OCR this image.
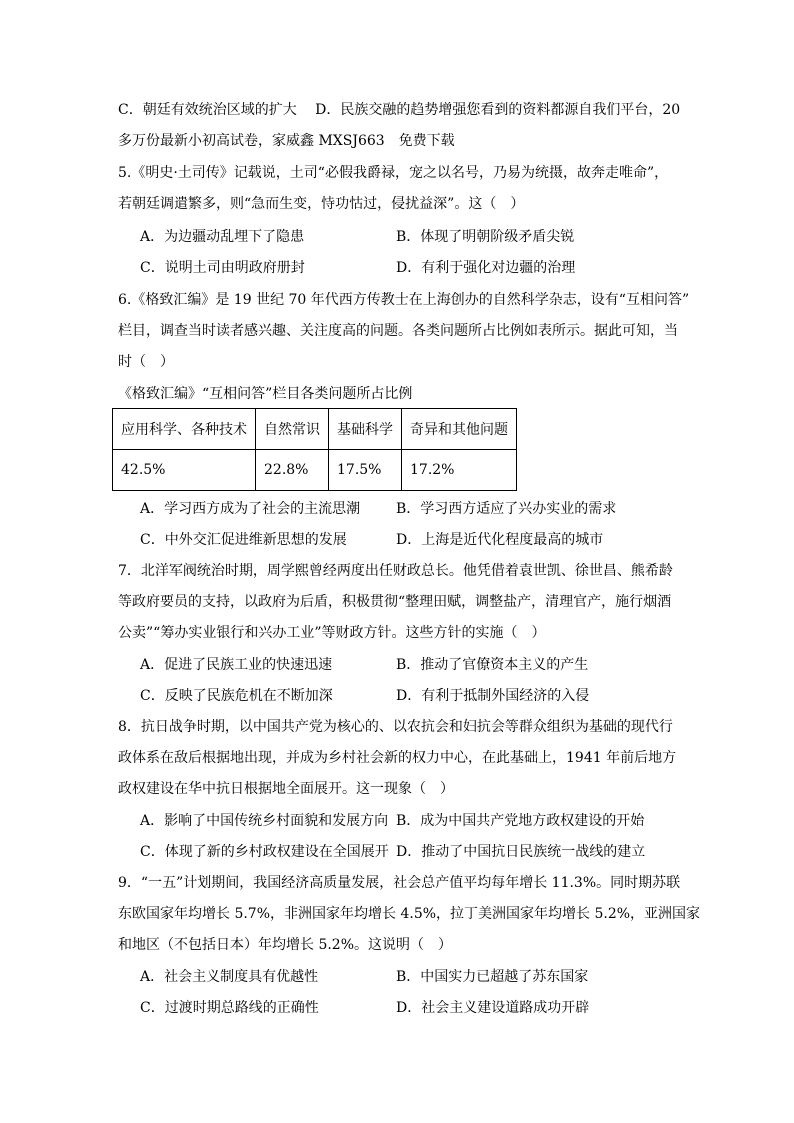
C．朝廷有效统治区域的扩大　 D．民族交融的趋势增强您看到的资料都源自我们平台，20
多万份最新小初高试卷，家威鑫 MXSJ663　免费下载
5.《明史·土司传》记载说，土司“必假我爵禄，宠之以名号，乃易为统摄，故奔走唯命”，
若朝廷调遣繁多，则“急而生变，恃功怙过，侵扰益深”。这（　）
A．为边疆动乱埋下了隐患	B．体现了明朝阶级矛盾尖锐
C．说明土司由明政府册封	D．有利于强化对边疆的治理
6.《格致汇编》是 19 世纪 70 年代西方传教士在上海创办的自然科学杂志，设有“互相问答”
栏目，调查当时读者感兴趣、关注度高的问题。各类问题所占比例如表所示。据此可知，当
时（　）
《格致汇编》“互相问答”栏目各类问题所占比例
应用科学、各种技术	自然常识	基础科学	奇异和其他问题
42.5%	22.8%	17.5%	17.2%
A．学习西方成为了社会的主流思潮	B．学习西方适应了兴办实业的需求
C．中外交汇促进维新思想的发展	D．上海是近代化程度最高的城市
7．北洋军阀统治时期，周学熙曾经两度出任财政总长。他凭借着袁世凯、徐世昌、熊希龄
等政府要员的支持，以政府为后盾，积极贯彻“整理田赋，调整盐产，清理官产，施行烟酒
公卖”“筹办实业银行和兴办工业”等财政方针。这些方针的实施（　）
A．促进了民族工业的快速迅速	B．推动了官僚资本主义的产生
C．反映了民族危机在不断加深	D．有利于抵制外国经济的入侵
8．抗日战争时期，以中国共产党为核心的、以农抗会和妇抗会等群众组织为基础的现代行
政体系在敌后根据地出现，并成为乡村社会新的权力中心，在此基础上，1941 年前后地方
政权建设在华中抗日根据地全面展开。这一现象（　）
A．影响了中国传统乡村面貌和发展方向 B．成为中国共产党地方政权建设的开始
C．体现了新的乡村政权建设在全国展开 D．推动了中国抗日民族统一战线的建立
9．“一五”计划期间，我国经济高质量发展，社会总产值平均每年增长 11.3%。同时期苏联
东欧国家年均增长 5.7%，非洲国家年均增长 4.5%，拉丁美洲国家年均增长 5.2%，亚洲国家
和地区（不包括日本）年均增长 5.2%。这说明（　）
A．社会主义制度具有优越性	B．中国实力已超越了苏东国家
C．过渡时期总路线的正确性	D．社会主义建设道路成功开辟
